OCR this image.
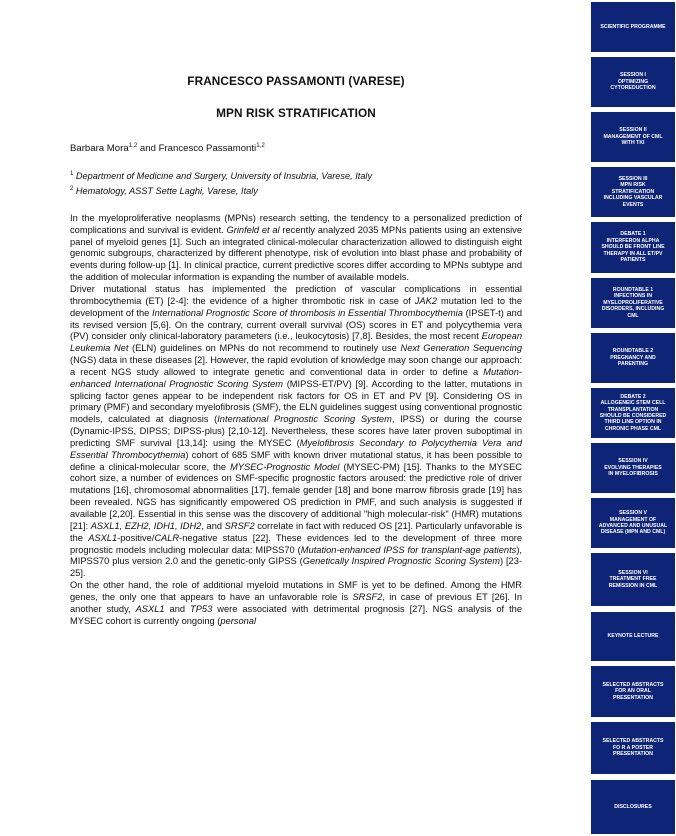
FRANCESCO PASSAMONTI (VARESE)
MPN RISK STRATIFICATION
Barbara Mora$^{1,2}$ and Francesco Passamonti$^{1,2}$
$^1$ Department of Medicine and Surgery, University of Insubria, Varese, Italy
$^2$ Hematology, ASST Sette Laghi, Varese, Italy

In the myeloproliferative neoplasms (MPNs) research setting, the tendency to a personalized prediction of complications and survival is evident. Grinfeld et al recently analyzed 2035 MPNs patients using an extensive panel of myeloid genes [1]. Such an integrated clinical-molecular characterization allowed to distinguish eight genomic subgroups, characterized by different phenotype, risk of evolution into blast phase and probability of events during follow-up [1]. In clinical practice, current predictive scores differ according to MPNs subtype and the addition of molecular information is expanding the number of available models.

Driver mutational status has implemented the prediction of vascular complications in essential thrombocythemia (ET) [2-4]: the evidence of a higher thrombotic risk in case of JAK2 mutation led to the development of the International Prognostic Score of thrombosis in Essential Thrombocythemia (IPSET-t) and its revised version [5,6]. On the contrary, current overall survival (OS) scores in ET and polycythemia vera (PV) consider only clinical-laboratory parameters (i.e., leukocytosis) [7,8]. Besides, the most recent European Leukemia Net (ELN) guidelines on MPNs do not recommend to routinely use Next Generation Sequencing (NGS) data in these diseases [2]. However, the rapid evolution of knowledge may soon change our approach: a recent NGS study allowed to integrate genetic and conventional data in order to define a Mutation-enhanced International Prognostic Scoring System (MIPSS-ET/PV) [9]. According to the latter, mutations in splicing factor genes appear to be independent risk factors for OS in ET and PV [9]. Considering OS in primary (PMF) and secondary myelofibrosis (SMF), the ELN guidelines suggest using conventional prognostic models, calculated at diagnosis (International Prognostic Scoring System, IPSS) or during the course (Dynamic-IPSS, DIPSS; DIPSS-plus) [2,10-12]. Nevertheless, these scores have later proven suboptimal in predicting SMF survival [13,14]: using the MYSEC (Myelofibrosis Secondary to Polycythemia Vera and Essential Thrombocythemia) cohort of 685 SMF with known driver mutational status, it has been possible to define a clinical-molecular score, the MYSEC-Prognostic Model (MYSEC-PM) [15]. Thanks to the MYSEC cohort size, a number of evidences on SMF-specific prognostic factors aroused: the predictive role of driver mutations [16], chromosomal abnormalities [17], female gender [18] and bone marrow fibrosis grade [19] has been revealed. NGS has significantly empowered OS prediction in PMF, and such analysis is suggested if available [2,20]. Essential in this sense was the discovery of additional "high molecular-risk" (HMR) mutations [21]: ASXL1, EZH2, IDH1, IDH2, and SRSF2 correlate in fact with reduced OS [21]. Particularly unfavorable is the ASXL1-positive/CALR-negative status [22]. These evidences led to the development of three more prognostic models including molecular data: MIPSS70 (Mutation-enhanced IPSS for transplant-age patients), MIPSS70 plus version 2.0 and the genetic-only GIPSS (Genetically Inspired Prognostic Scoring System) [23-25].

On the other hand, the role of additional myeloid mutations in SMF is yet to be defined. Among the HMR genes, the only one that appears to have an unfavorable role is SRSF2, in case of previous ET [26]. In another study, ASXL1 and TP53 were associated with detrimental prognosis [27]. NGS analysis of the MYSEC cohort is currently ongoing (personal

SCIENTIFIC PROGRAMME
SESSION I
OPTIMIZING
CYTOREDUCTION
SESSION II
MANAGEMENT OF CML
WITH TKI
SESSION III
MPN RISK
STRATIFICATION
INCLUDING VASCULAR
EVENTS
DEBATE 1
INTERFERON ALPHA
SHOULD BE FRONT LINE
THERAPY IN ALL ET/PV
PATIENTS
ROUNDTABLE 1
INFECTIONS IN
MYELOPROLIFERATIVE
DISORDERS, INCLUDING
CML
ROUNDTABLE 2
PREGNANCY AND
PARENTING
DEBATE 2
ALLOGENEIC STEM CELL
TRANSPLANTATION
SHOULD BE CONSIDERED
THIRD LINE OPTION IN
CHRONIC PHASE CML
SESSION IV
EVOLVING THERAPIES
IN MYELOFIBROSIS
SESSION V
MANAGEMENT OF
ADVANCED AND UNUSUAL
DISEASE (MPN AND CML)
SESSION VI
TREATMENT FREE
REMISSION IN CML
KEYNOTE LECTURE
SELECTED ABSTRACTS
FOR AN ORAL
PRESENTATION
SELECTED ABSTRACTS
FO R A POSTER
PRESENTATION
DISCLOSURES
